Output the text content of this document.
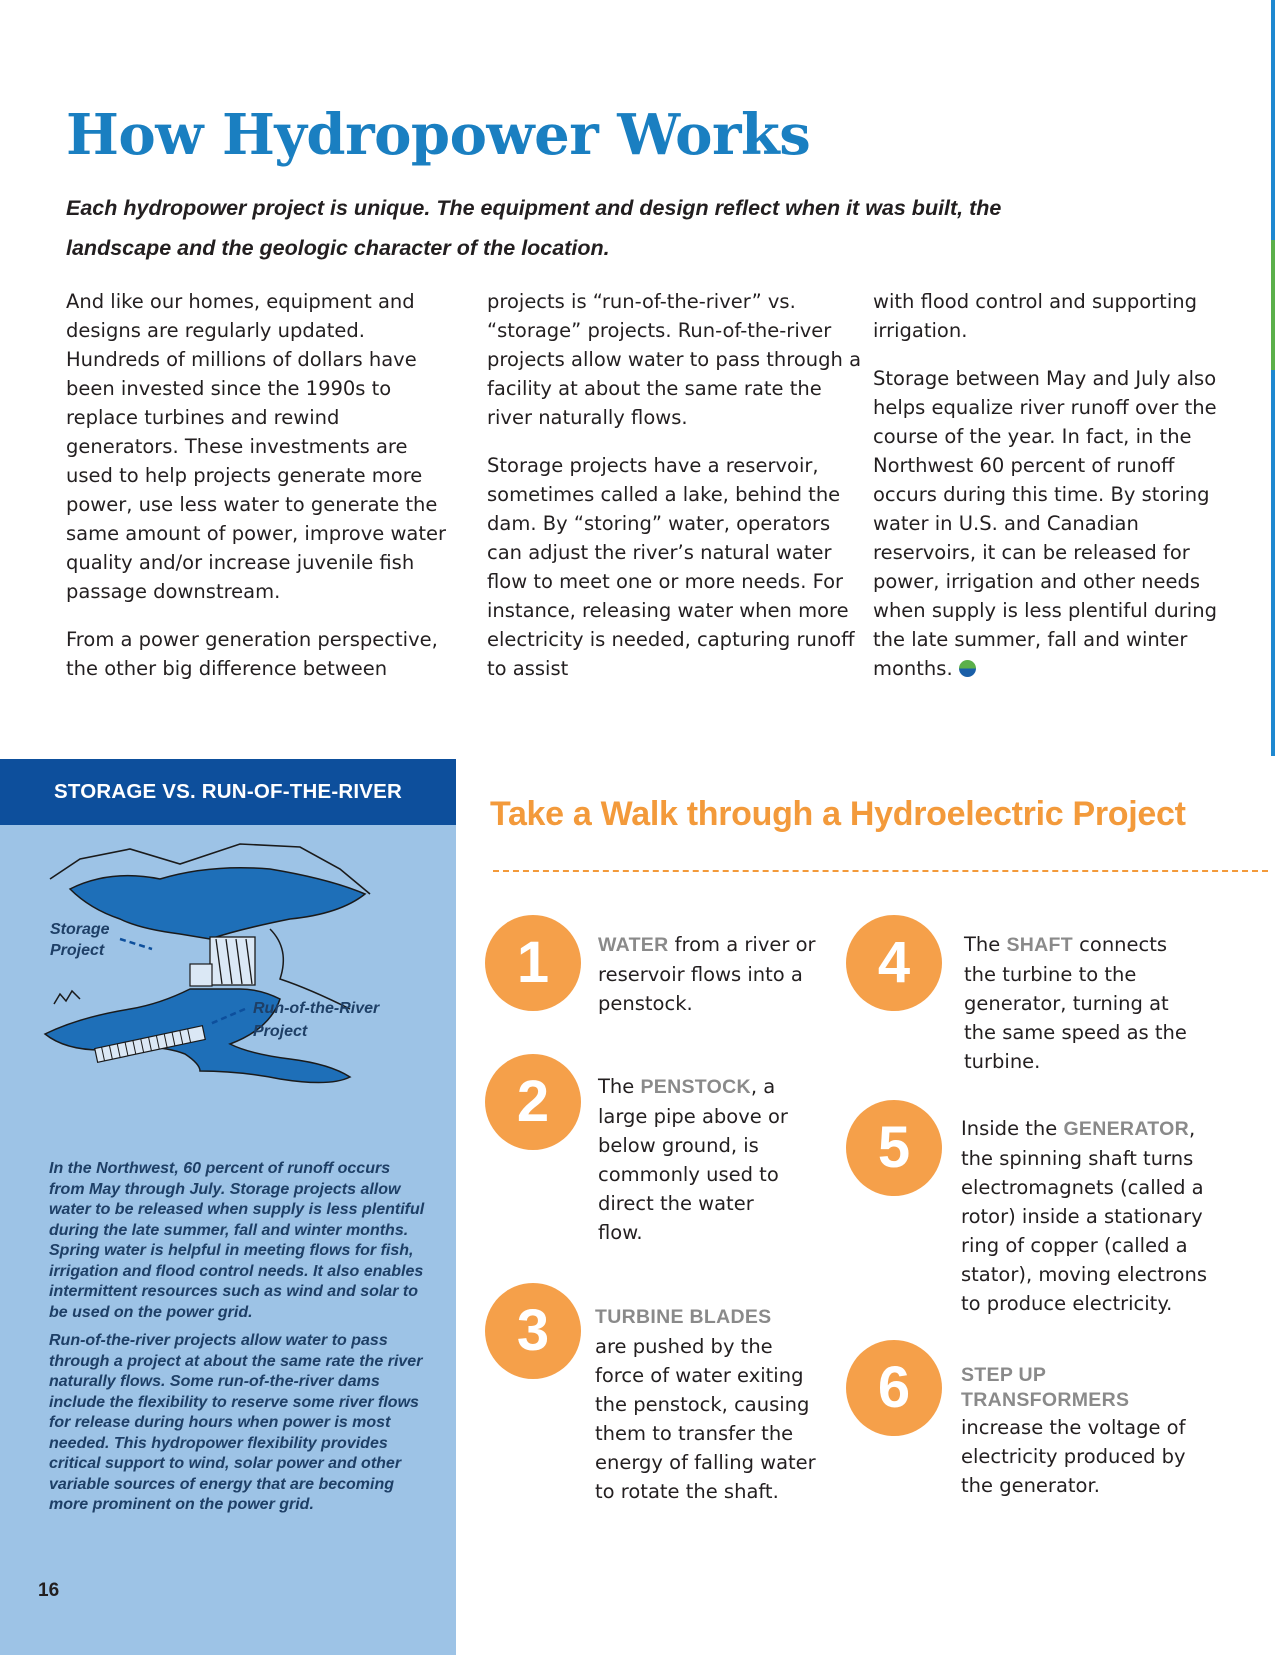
How Hydropower Works

Each hydropower project is unique. The equipment and design reflect when it was built, the landscape and the geologic character of the location.

And like our homes, equipment and designs are regularly updated. Hundreds of millions of dollars have been invested since the 1990s to replace turbines and rewind generators. These investments are used to help projects generate more power, use less water to generate the same amount of power, improve water quality and/or increase juvenile fish passage downstream.

From a power generation perspective, the other big difference between

projects is “run-of-the-river” vs. “storage” projects. Run-of-the-river projects allow water to pass through a facility at about the same rate the river naturally flows.

Storage projects have a reservoir, sometimes called a lake, behind the dam. By “storing” water, operators can adjust the river’s natural water flow to meet one or more needs. For instance, releasing water when more electricity is needed, capturing runoff to assist

with flood control and supporting irrigation.

Storage between May and July also helps equalize river runoff over the course of the year. In fact, in the Northwest 60 percent of runoff occurs during this time. By storing water in U.S. and Canadian reservoirs, it can be released for power, irrigation and other needs when supply is less plentiful during the late summer, fall and winter months.

STORAGE VS. RUN-OF-THE-RIVER
Storage
Project
Run-of-the-River
Project

In the Northwest, 60 percent of runoff occurs from May through July. Storage projects allow water to be released when supply is less plentiful during the late summer, fall and winter months. Spring water is helpful in meeting flows for fish, irrigation and flood control needs. It also enables intermittent resources such as wind and solar to be used on the power grid.

Run-of-the-river projects allow water to pass through a project at about the same rate the river naturally flows. Some run-of-the-river dams include the flexibility to reserve some river flows for release during hours when power is most needed. This hydropower flexibility provides critical support to wind, solar power and other variable sources of energy that are becoming more prominent on the power grid.

16
Take a Walk through a Hydroelectric Project
1	WATER from a river or reservoir flows into a penstock.
2	The PENSTOCK, a large pipe above or below ground, is commonly used to direct the water flow.
3	TURBINE BLADES
are pushed by the force of water exiting the penstock, causing them to transfer the energy of falling water to rotate the shaft.
4	The SHAFT connects the turbine to the generator, turning at the same speed as the turbine.
5	Inside the GENERATOR, the spinning shaft turns electromagnets (called a rotor) inside a stationary ring of copper (called a stator), moving electrons to produce electricity.
6	STEP UP TRANSFORMERS
increase the voltage of electricity produced by the generator.
